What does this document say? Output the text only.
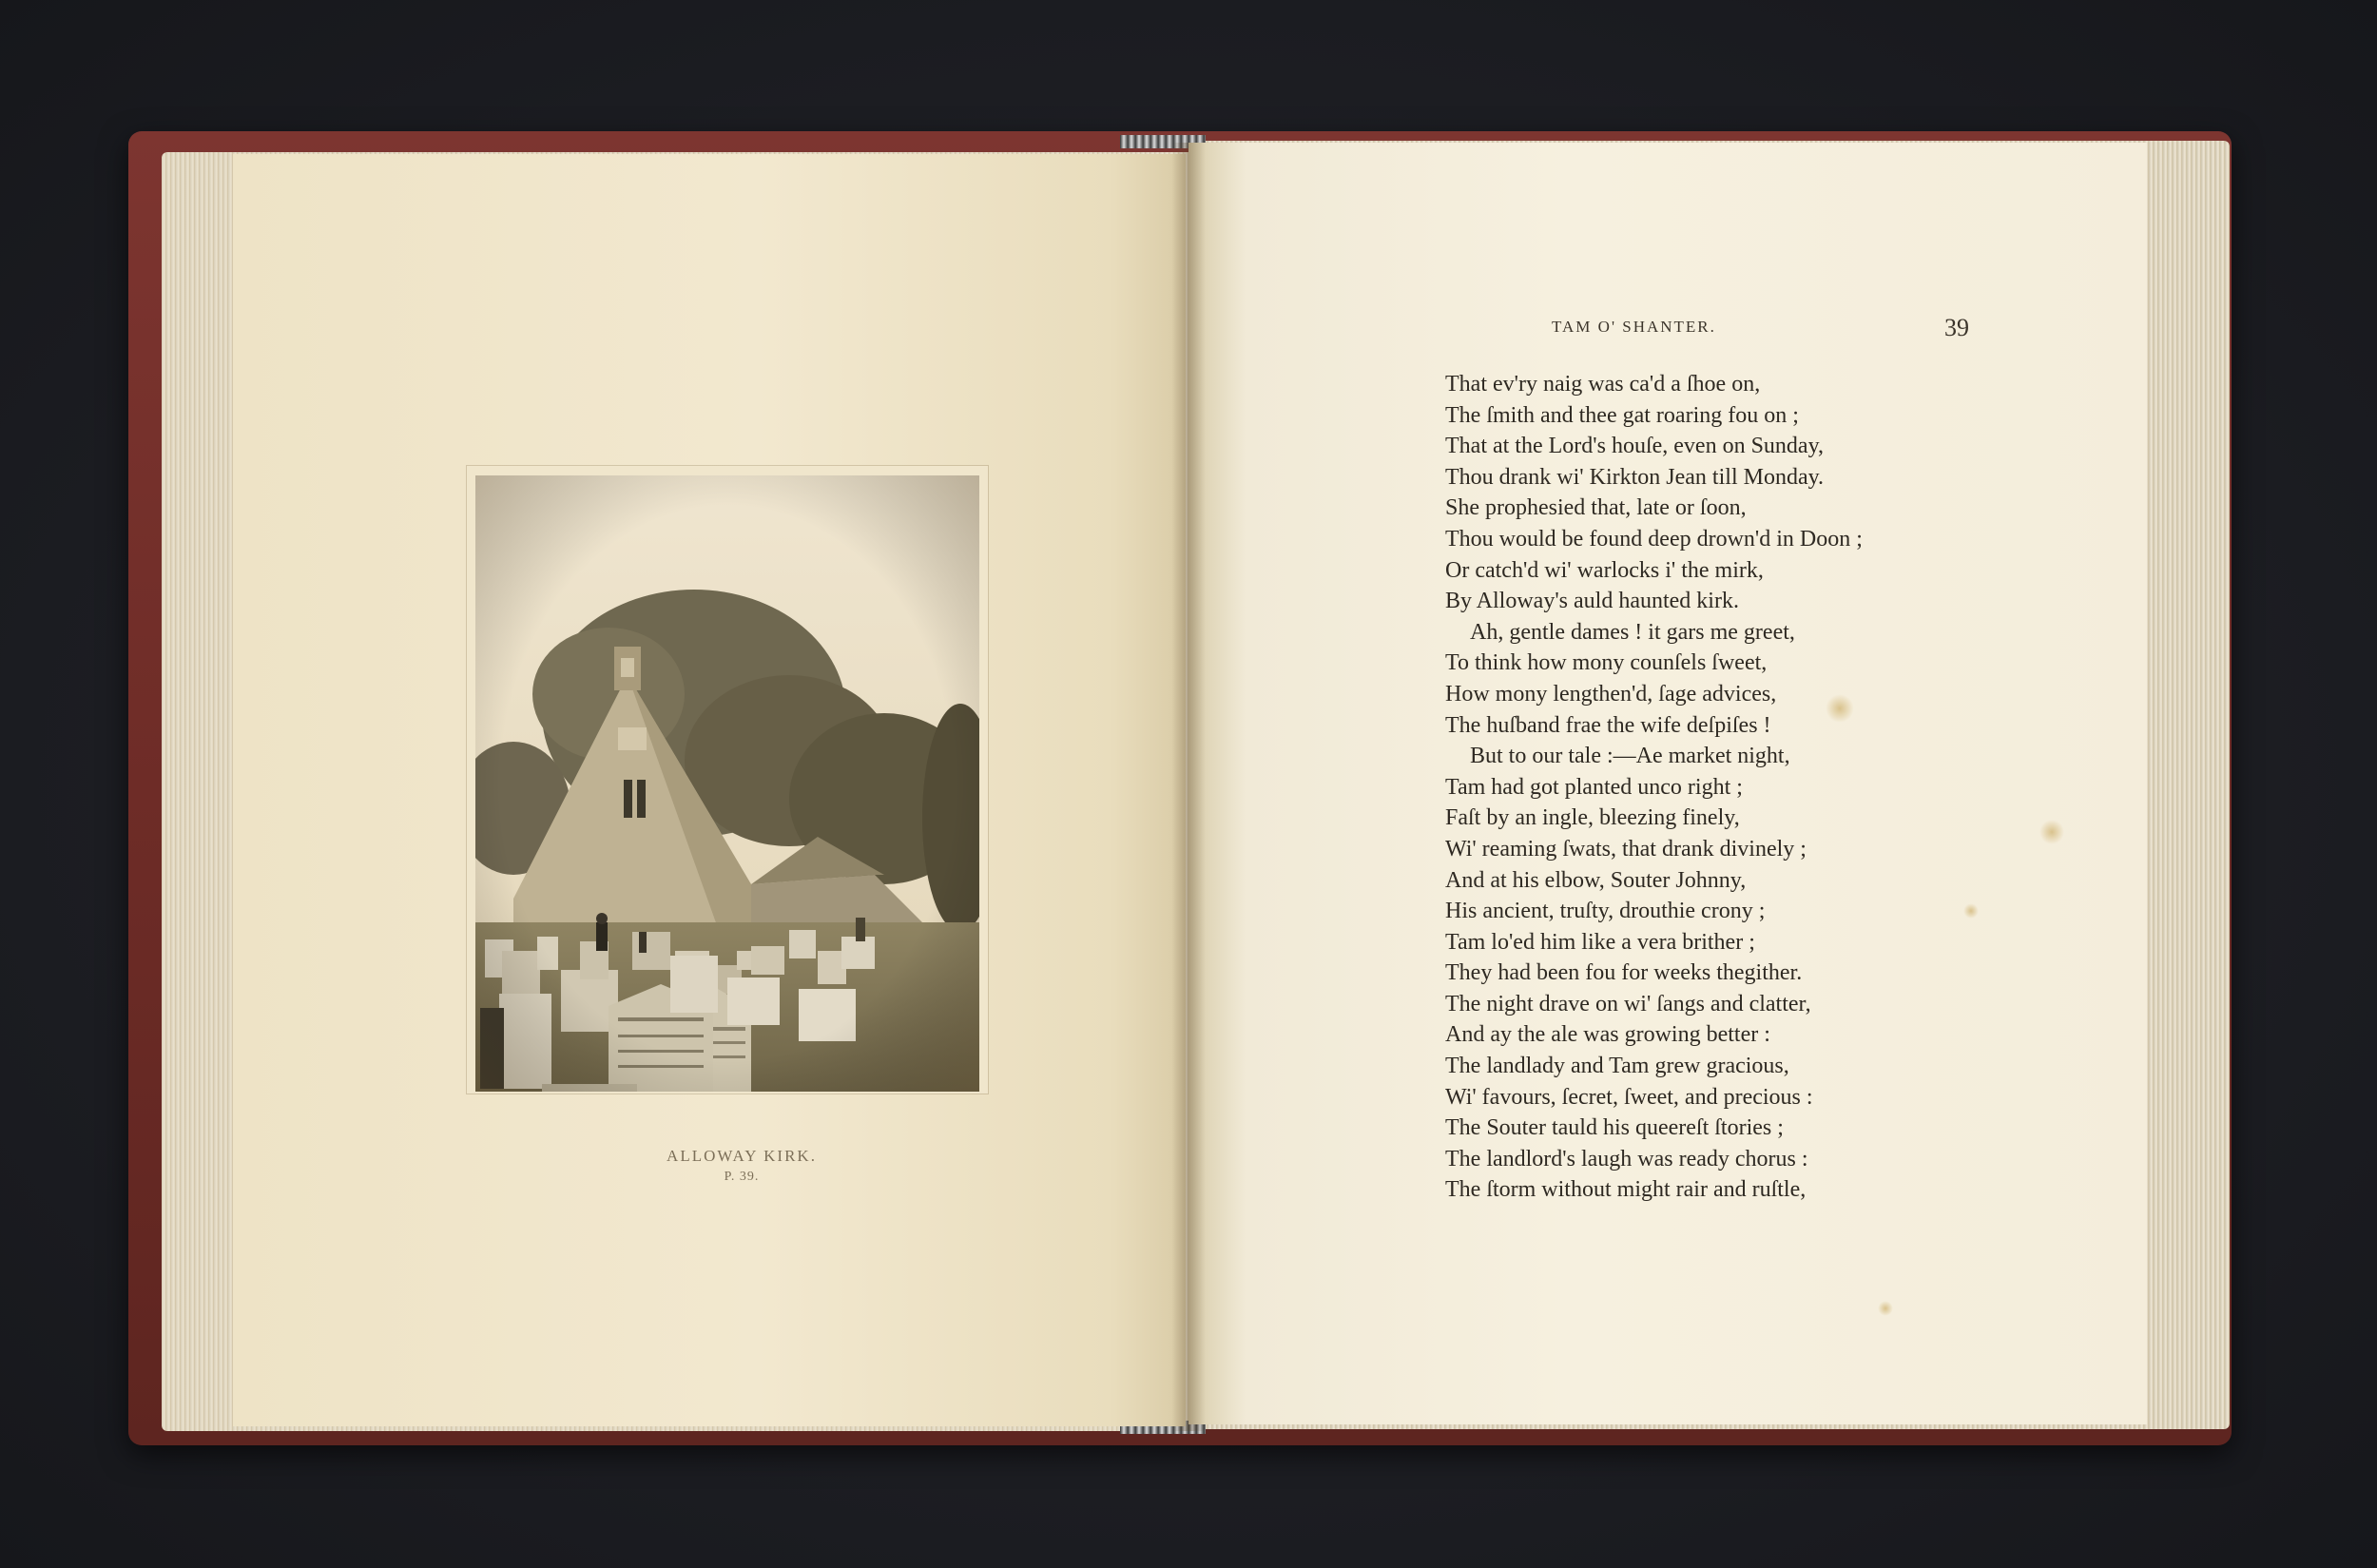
ALLOWAY KIRK.
P. 39.
TAM O' SHANTER.	39
That ev'ry naig was ca'd a ſhoe on,
The ſmith and thee gat roaring fou on ;
That at the Lord's houſe, even on Sunday,
Thou drank wi' Kirkton Jean till Monday.
She prophesied that, late or ſoon,
Thou would be found deep drown'd in Doon ;
Or catch'd wi' warlocks i' the mirk,
By Alloway's auld haunted kirk.
Ah, gentle dames ! it gars me greet,
To think how mony counſels ſweet,
How mony lengthen'd, ſage advices,
The huſband frae the wife deſpiſes !
But to our tale :—Ae market night,
Tam had got planted unco right ;
Faſt by an ingle, bleezing finely,
Wi' reaming ſwats, that drank divinely ;
And at his elbow, Souter Johnny,
His ancient, truſty, drouthie crony ;
Tam lo'ed him like a vera brither ;
They had been fou for weeks thegither.
The night drave on wi' ſangs and clatter,
And ay the ale was growing better :
The landlady and Tam grew gracious,
Wi' favours, ſecret, ſweet, and precious :
The Souter tauld his queereſt ſtories ;
The landlord's laugh was ready chorus :
The ſtorm without might rair and ruſtle,
